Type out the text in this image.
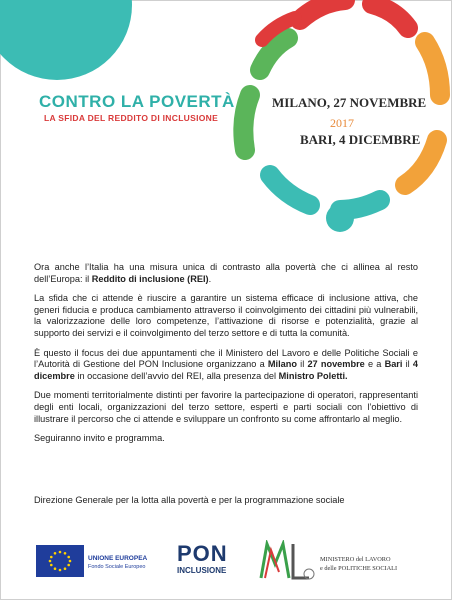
CONTRO LA POVERTÀ
LA SFIDA DEL REDDITO DI INCLUSIONE
MILANO, 27 NOVEMBRE
2017
BARI, 4 DICEMBRE

Ora anche l’Italia ha una misura unica di contrasto alla povertà che ci allinea al resto dell’Europa: il Reddito di inclusione (REI).

La sfida che ci attende è riuscire a garantire un sistema efficace di inclusione attiva, che generi fiducia e produca cambiamento attraverso il coinvolgimento dei cittadini più vulnerabili, la valorizzazione delle loro competenze, l’attivazione di risorse e potenzialità, grazie al supporto dei servizi e il coinvolgimento del terzo settore e di tutta la comunità.

È questo il focus dei due appuntamenti che il Ministero del Lavoro e delle Politiche Sociali e l’Autorità di Gestione del PON Inclusione organizzano a Milano il 27 novembre e a Bari il 4 dicembre in occasione dell’avvio del REI, alla presenza del Ministro Poletti.

Due momenti territorialmente distinti per favorire la partecipazione di operatori, rappresentanti degli enti locali, organizzazioni del terzo settore, esperti e parti sociali con l’obiettivo di illustrare il percorso che ci attende e sviluppare un confronto su come affrontarlo al meglio.

Seguiranno invito e programma.

Direzione Generale per la lotta alla povertà e per la programmazione sociale
UNIONE EUROPEA
Fondo Sociale Europeo
PON
INCLUSIONE
MINISTERO del LAVORO
e delle POLITICHE SOCIALI
